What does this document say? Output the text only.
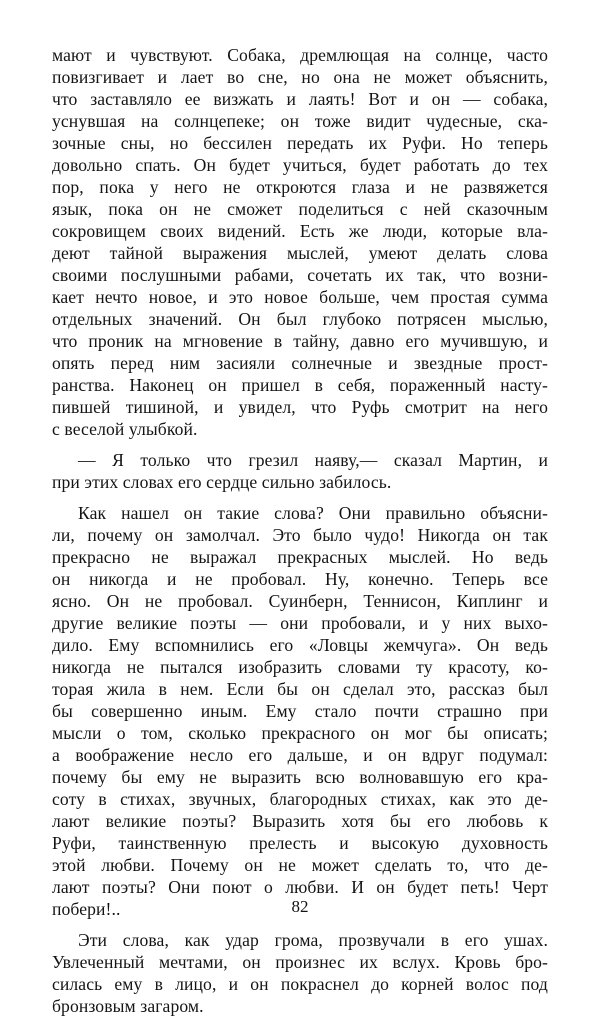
мают и чувствуют. Собака, дремлющая на солнце, часто
повизгивает и лает во сне, но она не может объяснить,
что заставляло ее визжать и лаять! Вот и он — собака,
уснувшая на солнцепеке; он тоже видит чудесные, ска-
зочные сны, но бессилен передать их Руфи. Но теперь
довольно спать. Он будет учиться, будет работать до тех
пор, пока у него не откроются глаза и не развяжется
язык, пока он не сможет поделиться с ней сказочным
сокровищем своих видений. Есть же люди, которые вла-
деют тайной выражения мыслей, умеют делать слова
своими послушными рабами, сочетать их так, что возни-
кает нечто новое, и это новое больше, чем простая сумма
отдельных значений. Он был глубоко потрясен мыслью,
что проник на мгновение в тайну, давно его мучившую, и
опять перед ним засияли солнечные и звездные прост-
ранства. Наконец он пришел в себя, пораженный насту-
пившей тишиной, и увидел, что Руфь смотрит на него
с веселой улыбкой.
— Я только что грезил наяву,— сказал Мартин, и
при этих словах его сердце сильно забилось.
Как нашел он такие слова? Они правильно объясни-
ли, почему он замолчал. Это было чудо! Никогда он так
прекрасно не выражал прекрасных мыслей. Но ведь
он никогда и не пробовал. Ну, конечно. Теперь все
ясно. Он не пробовал. Суинберн, Теннисон, Киплинг и
другие великие поэты — они пробовали, и у них выхо-
дило. Ему вспомнились его «Ловцы жемчуга». Он ведь
никогда не пытался изобразить словами ту красоту, ко-
торая жила в нем. Если бы он сделал это, рассказ был
бы совершенно иным. Ему стало почти страшно при
мысли о том, сколько прекрасного он мог бы описать;
а воображение несло его дальше, и он вдруг подумал:
почему бы ему не выразить всю волновавшую его кра-
соту в стихах, звучных, благородных стихах, как это де-
лают великие поэты? Выразить хотя бы его любовь к
Руфи, таинственную прелесть и высокую духовность
этой любви. Почему он не может сделать то, что де-
лают поэты? Они поют о любви. И он будет петь! Черт
побери!..
Эти слова, как удар грома, прозвучали в его ушах.
Увлеченный мечтами, он произнес их вслух. Кровь бро-
силась ему в лицо, и он покраснел до корней волос под
бронзовым загаром.
82
